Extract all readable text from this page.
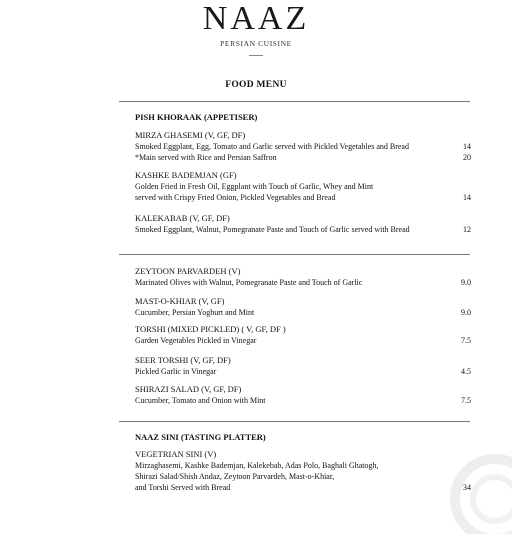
NAAZ
PERSIAN CUISINE
FOOD MENU
PISH KHORAAK (APPETISER)
MIRZA GHASEMI (V, GF, DF)
Smoked Eggplant, Egg, Tomato and Garlic served with Pickled Vegetables and Bread	14
*Main served with Rice and Persian Saffron	20
KASHKE BADEMJAN (GF)
Golden Fried in Fresh Oil, Eggplant with Touch of Garlic, Whey and Mint
served with Crispy Fried Onion, Pickled Vegetables and Bread	14
KALEKABAB (V, GF, DF)
Smoked Eggplant, Walnut, Pomegranate Paste and Touch of Garlic served with Bread	12
ZEYTOON PARVARDEH (V)
Marinated Olives with Walnut, Pomegranate Paste and Touch of Garlic	9.0
MAST-O-KHIAR (V, GF)
Cucumber, Persian Yoghurt and Mint	9.0
TORSHI (MIXED PICKLED) ( V, GF, DF )
Garden Vegetables Pickled in Vinegar	7.5
SEER TORSHI (V, GF, DF)
Pickled Garlic in Vinegar	4.5
SHIRAZI SALAD (V, GF, DF)
Cucumber, Tomato and Onion with Mint	7.5
NAAZ SINI (TASTING PLATTER)
VEGETRIAN SINI (V)
Mirzaghasemi, Kashke Bademjan, Kalekebab, Adas Polo, Baghali Ghatogh,
Shirazi Salad/Shish Andaz, Zeytoon Parvardeh, Mast-o-Khiar,
and Torshi Served with Bread	34
